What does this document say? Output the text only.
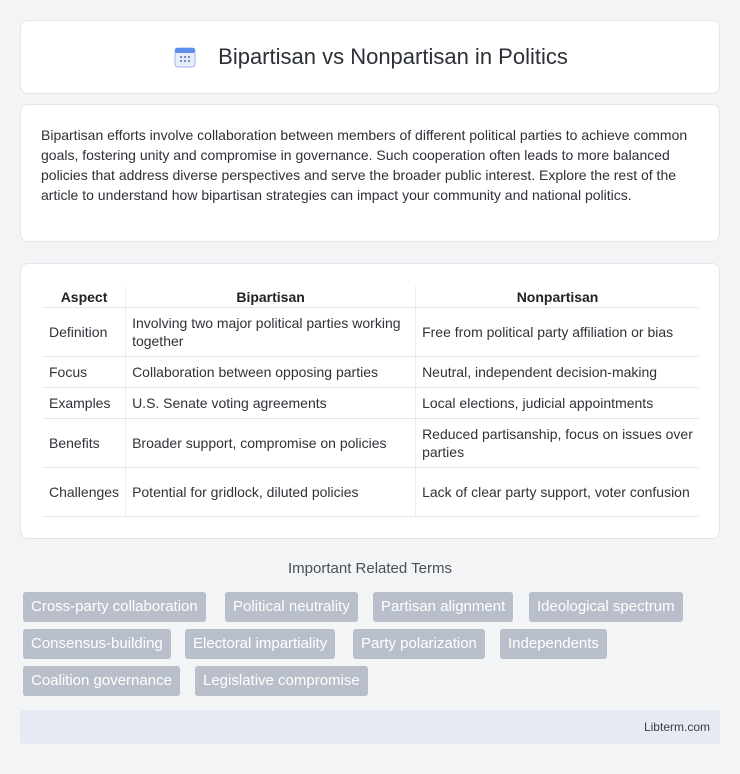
Bipartisan vs Nonpartisan in Politics

Bipartisan efforts involve collaboration between members of different political parties to achieve common goals, fostering unity and compromise in governance. Such cooperation often leads to more balanced policies that address diverse perspectives and serve the broader public interest. Explore the rest of the article to understand how bipartisan strategies can impact your community and national politics.

Aspect	Bipartisan	Nonpartisan
Definition	Involving two major political parties working together	Free from political party affiliation or bias
Focus	Collaboration between opposing parties	Neutral, independent decision-making
Examples	U.S. Senate voting agreements	Local elections, judicial appointments
Benefits	Broader support, compromise on policies	Reduced partisanship, focus on issues over parties
Challenges	Potential for gridlock, diluted policies	Lack of clear party support, voter confusion
Important Related Terms
Cross-party collaboration	Political neutrality	Partisan alignment	Ideological spectrum
Consensus-building	Electoral impartiality	Party polarization	Independents
Coalition governance	Legislative compromise
Libterm.com
